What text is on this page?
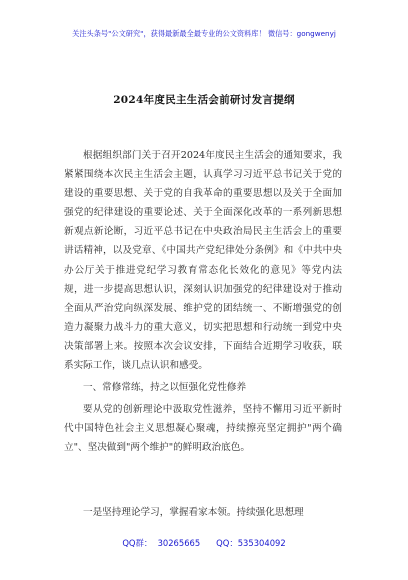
关注头条号"公文研究"，获得最新最全最专业的公文资料库！ 微信号：gongwenyj
2024年度民主生活会前研讨发言提纲

根据组织部门关于召开2024年度民主生活会的通知要求，我紧紧围绕本次民主生活会主题，认真学习习近平总书记关于党的建设的重要思想、关于党的自我革命的重要思想以及关于全面加强党的纪律建设的重要论述、关于全面深化改革的一系列新思想新观点新论断，习近平总书记在中央政治局民主生活会上的重要讲话精神，以及党章、《中国共产党纪律处分条例》和《中共中央办公厅关于推进党纪学习教育常态化长效化的意见》等党内法规，进一步提高思想认识，深刻认识加强党的纪律建设对于推动全面从严治党向纵深发展、维护党的团结统一、不断增强党的创造力凝聚力战斗力的重大意义，切实把思想和行动统一到党中央决策部署上来。按照本次会议安排，下面结合近期学习收获，联系实际工作，谈几点认识和感受。

一、常修常练，持之以恒强化党性修养

要从党的创新理论中汲取党性滋养，坚持不懈用习近平新时代中国特色社会主义思想凝心聚魂，持续擦亮坚定拥护"两个确立"、坚决做到"两个维护"的鲜明政治底色。

一是坚持理论学习，掌握看家本领。持续强化思想理

QQ群：  30265665      QQ：535304092
